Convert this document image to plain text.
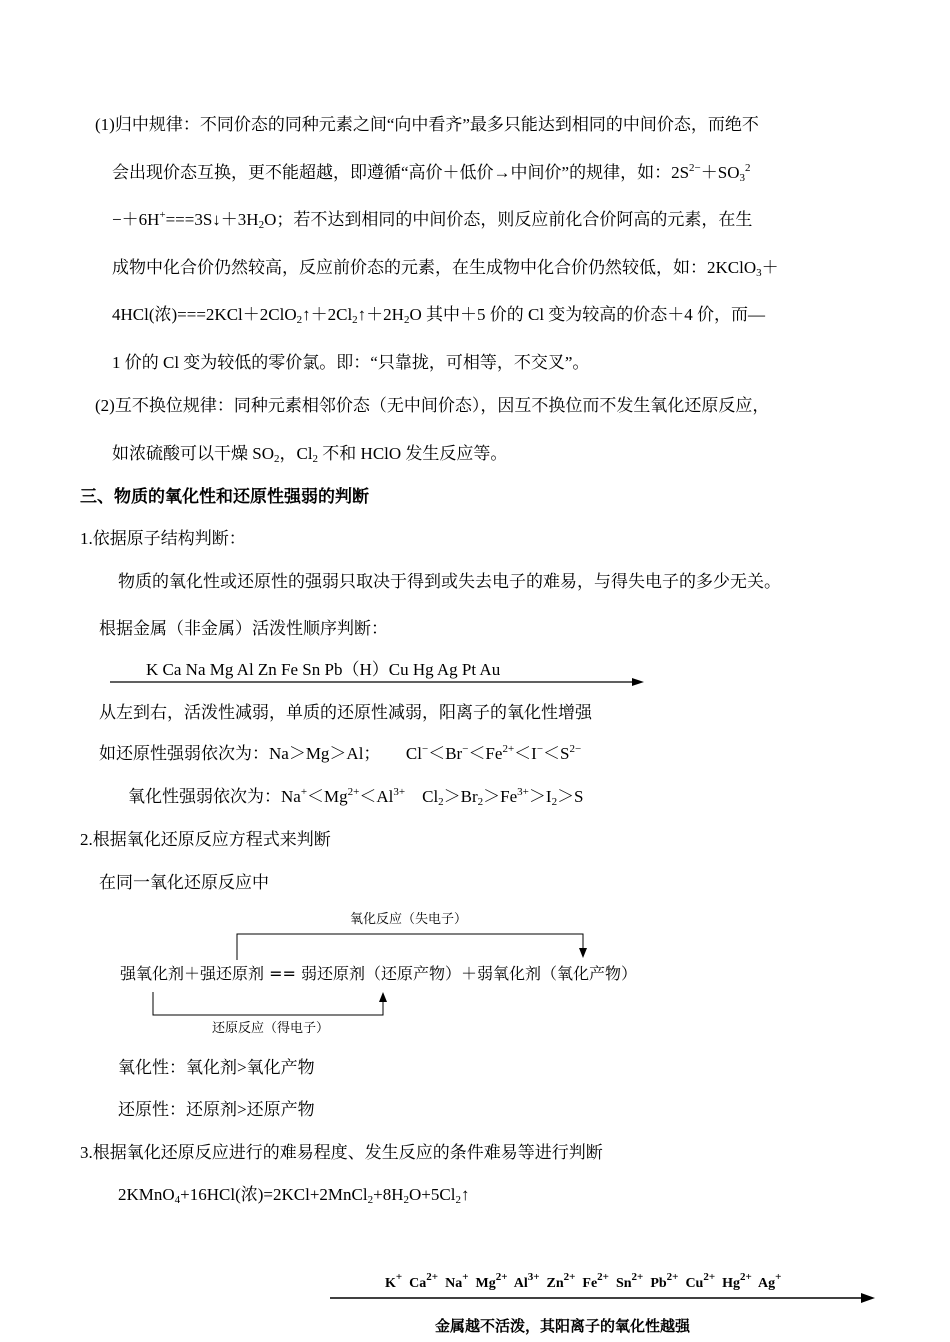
(1)归中规律：不同价态的同种元素之间“向中看齐”最多只能达到相同的中间价态，而绝不
会出现价态互换，更不能超越，即遵循“高价＋低价→中间价”的规律，如：$2S^{2-}+SO_3^2$
$-+6H^+===3S↓+3H_2O$；若不达到相同的中间价态，则反应前化合价阿高的元素，在生
成物中化合价仍然较高，反应前价态的元素，在生成物中化合价仍然较低，如：2KClO$_3$＋
4HCl(浓)$===2KCl+2ClO_2↑+2Cl_2↑+2H_2O$ 其中＋5 价的 Cl 变为较高的价态＋4 价，而—
1 价的 Cl 变为较低的零价氯。即：“只靠拢，可相等，不交叉”。
(2)互不换位规律：同种元素相邻价态（无中间价态），因互不换位而不发生氧化还原反应，
如浓硫酸可以干燥 $SO_2$，$Cl_2$ 不和 HClO 发生反应等。
三、物质的氧化性和还原性强弱的判断
1.依据原子结构判断：
物质的氧化性或还原性的强弱只取决于得到或失去电子的难易，与得失电子的多少无关。
根据金属（非金属）活泼性顺序判断：
K Ca Na Mg Al Zn Fe Sn Pb（H）Cu Hg Ag Pt Au
从左到右，活泼性减弱，单质的还原性减弱，阳离子的氧化性增强
如还原性强弱依次为：Na＞Mg＞Al；　　$Cl^-<Br^-<Fe^{2+}<I^-<S^{2-}$
氧化性强弱依次为：$Na^+<Mg^{2+}<Al^{3+}$　$Cl_2>Br_2>Fe^{3+}>I_2>S$
2.根据氧化还原反应方程式来判断
在同一氧化还原反应中
氧化反应（失电子）
强氧化剂＋强还原剂 == 弱还原剂（还原产物）＋弱氧化剂（氧化产物）
还原反应（得电子）
氧化性：氧化剂>氧化产物
还原性：还原剂>还原产物
3.根据氧化还原反应进行的难易程度、发生反应的条件难易等进行判断
2KMnO$_4$+16HCl(浓)$=2KCl+2MnCl_2+8H_2O+5Cl_2↑$
K+ $Ca^{2+}$ Na+ $Mg^{2+}$ $Al^{3+}$ $Zn^{2+}$ $Fe^{2+}$ $Sn^{2+}$ $Pb^{2+}$ $Cu^{2+}$ $Hg^{2+}$ Ag+
金属越不活泼，其阳离子的氧化性越强
